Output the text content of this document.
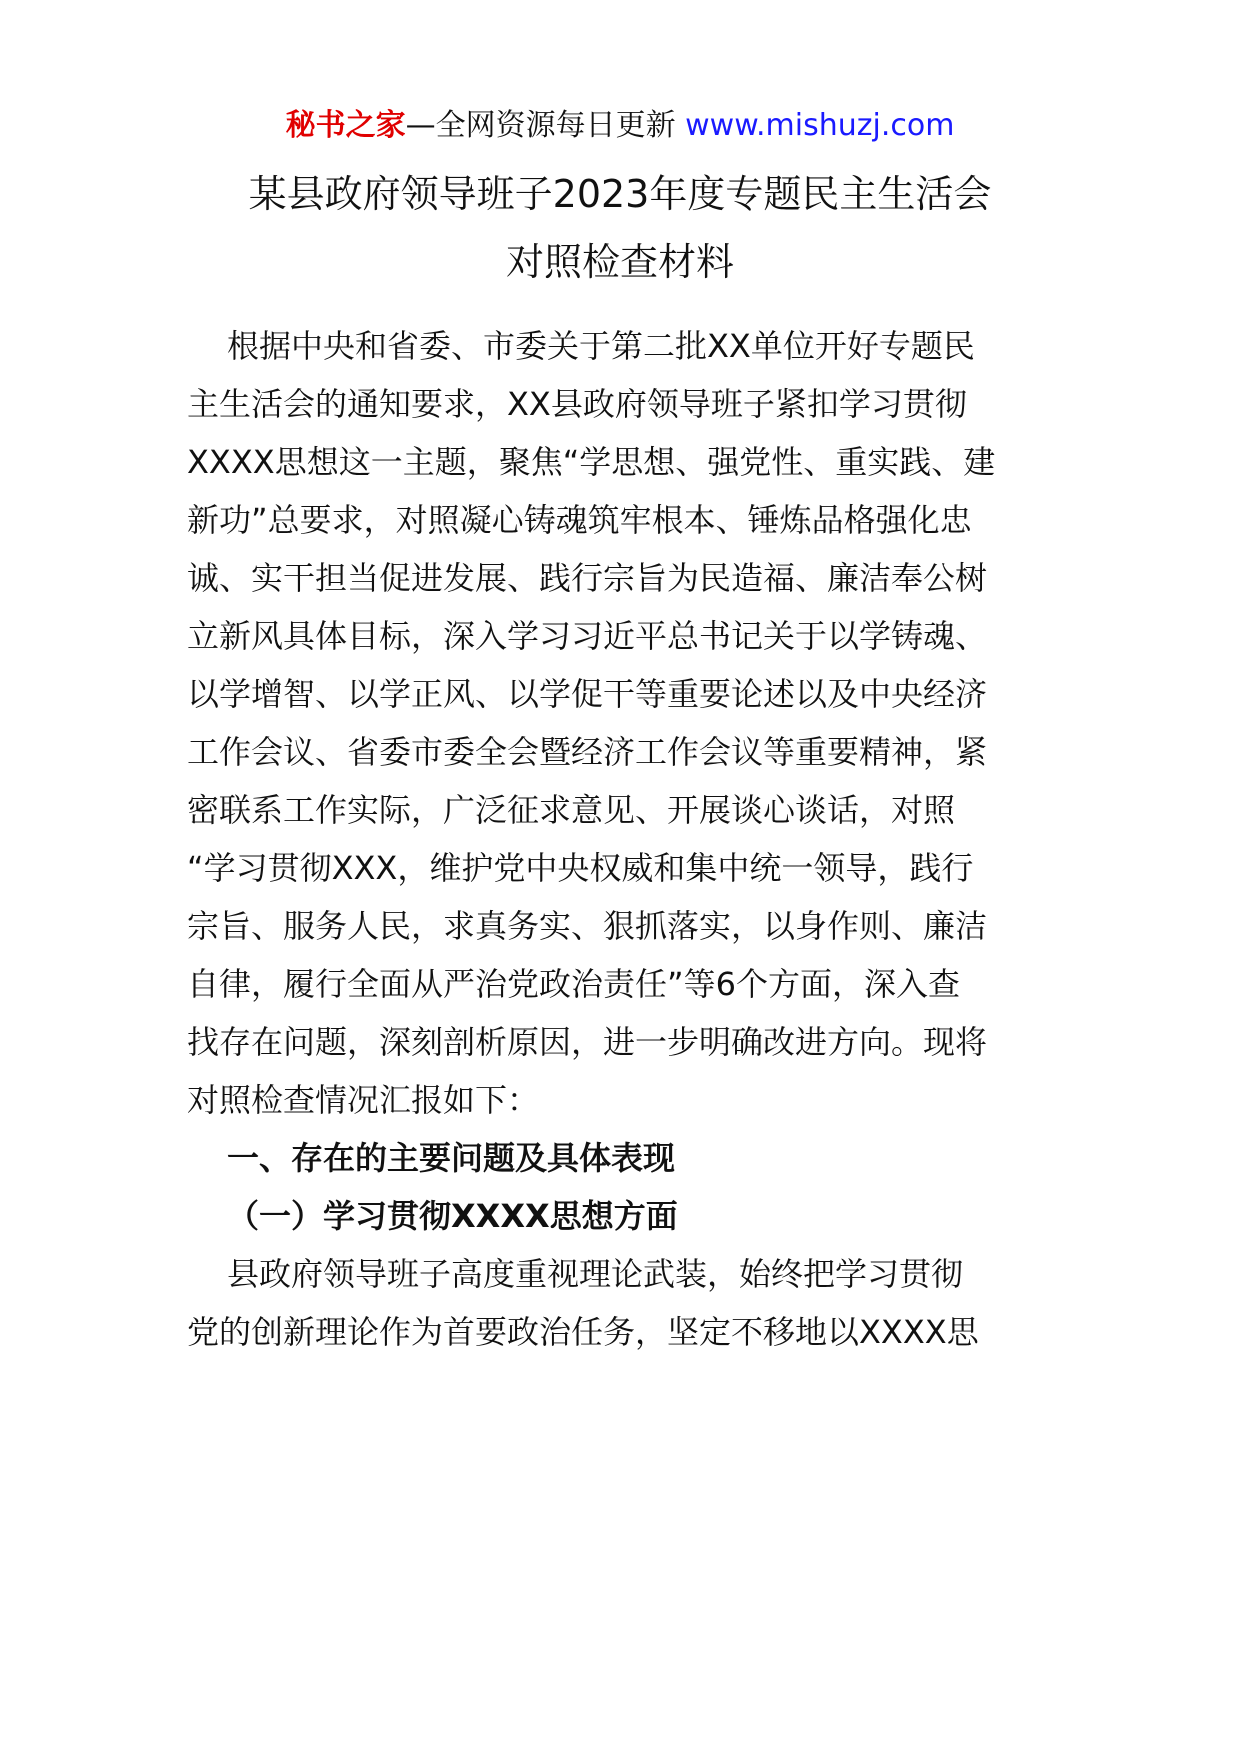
秘书之家—全网资源每日更新 www.mishuzj.com
某县政府领导班子2023年度专题民主生活会
对照检查材料
根据中央和省委、市委关于第二批XX单位开好专题民
主生活会的通知要求，XX县政府领导班子紧扣学习贯彻
XXXX思想这一主题，聚焦“学思想、强党性、重实践、建
新功”总要求，对照凝心铸魂筑牢根本、锤炼品格强化忠
诚、实干担当促进发展、践行宗旨为民造福、廉洁奉公树
立新风具体目标，深入学习习近平总书记关于以学铸魂、
以学增智、以学正风、以学促干等重要论述以及中央经济
工作会议、省委市委全会暨经济工作会议等重要精神，紧
密联系工作实际，广泛征求意见、开展谈心谈话，对照
“学习贯彻XXX，维护党中央权威和集中统一领导，践行
宗旨、服务人民，求真务实、狠抓落实，以身作则、廉洁
自律，履行全面从严治党政治责任”等6个方面，深入查
找存在问题，深刻剖析原因，进一步明确改进方向。现将
对照检查情况汇报如下：
一、存在的主要问题及具体表现
（一）学习贯彻XXXX思想方面
县政府领导班子高度重视理论武装，始终把学习贯彻
党的创新理论作为首要政治任务，坚定不移地以XXXX思
